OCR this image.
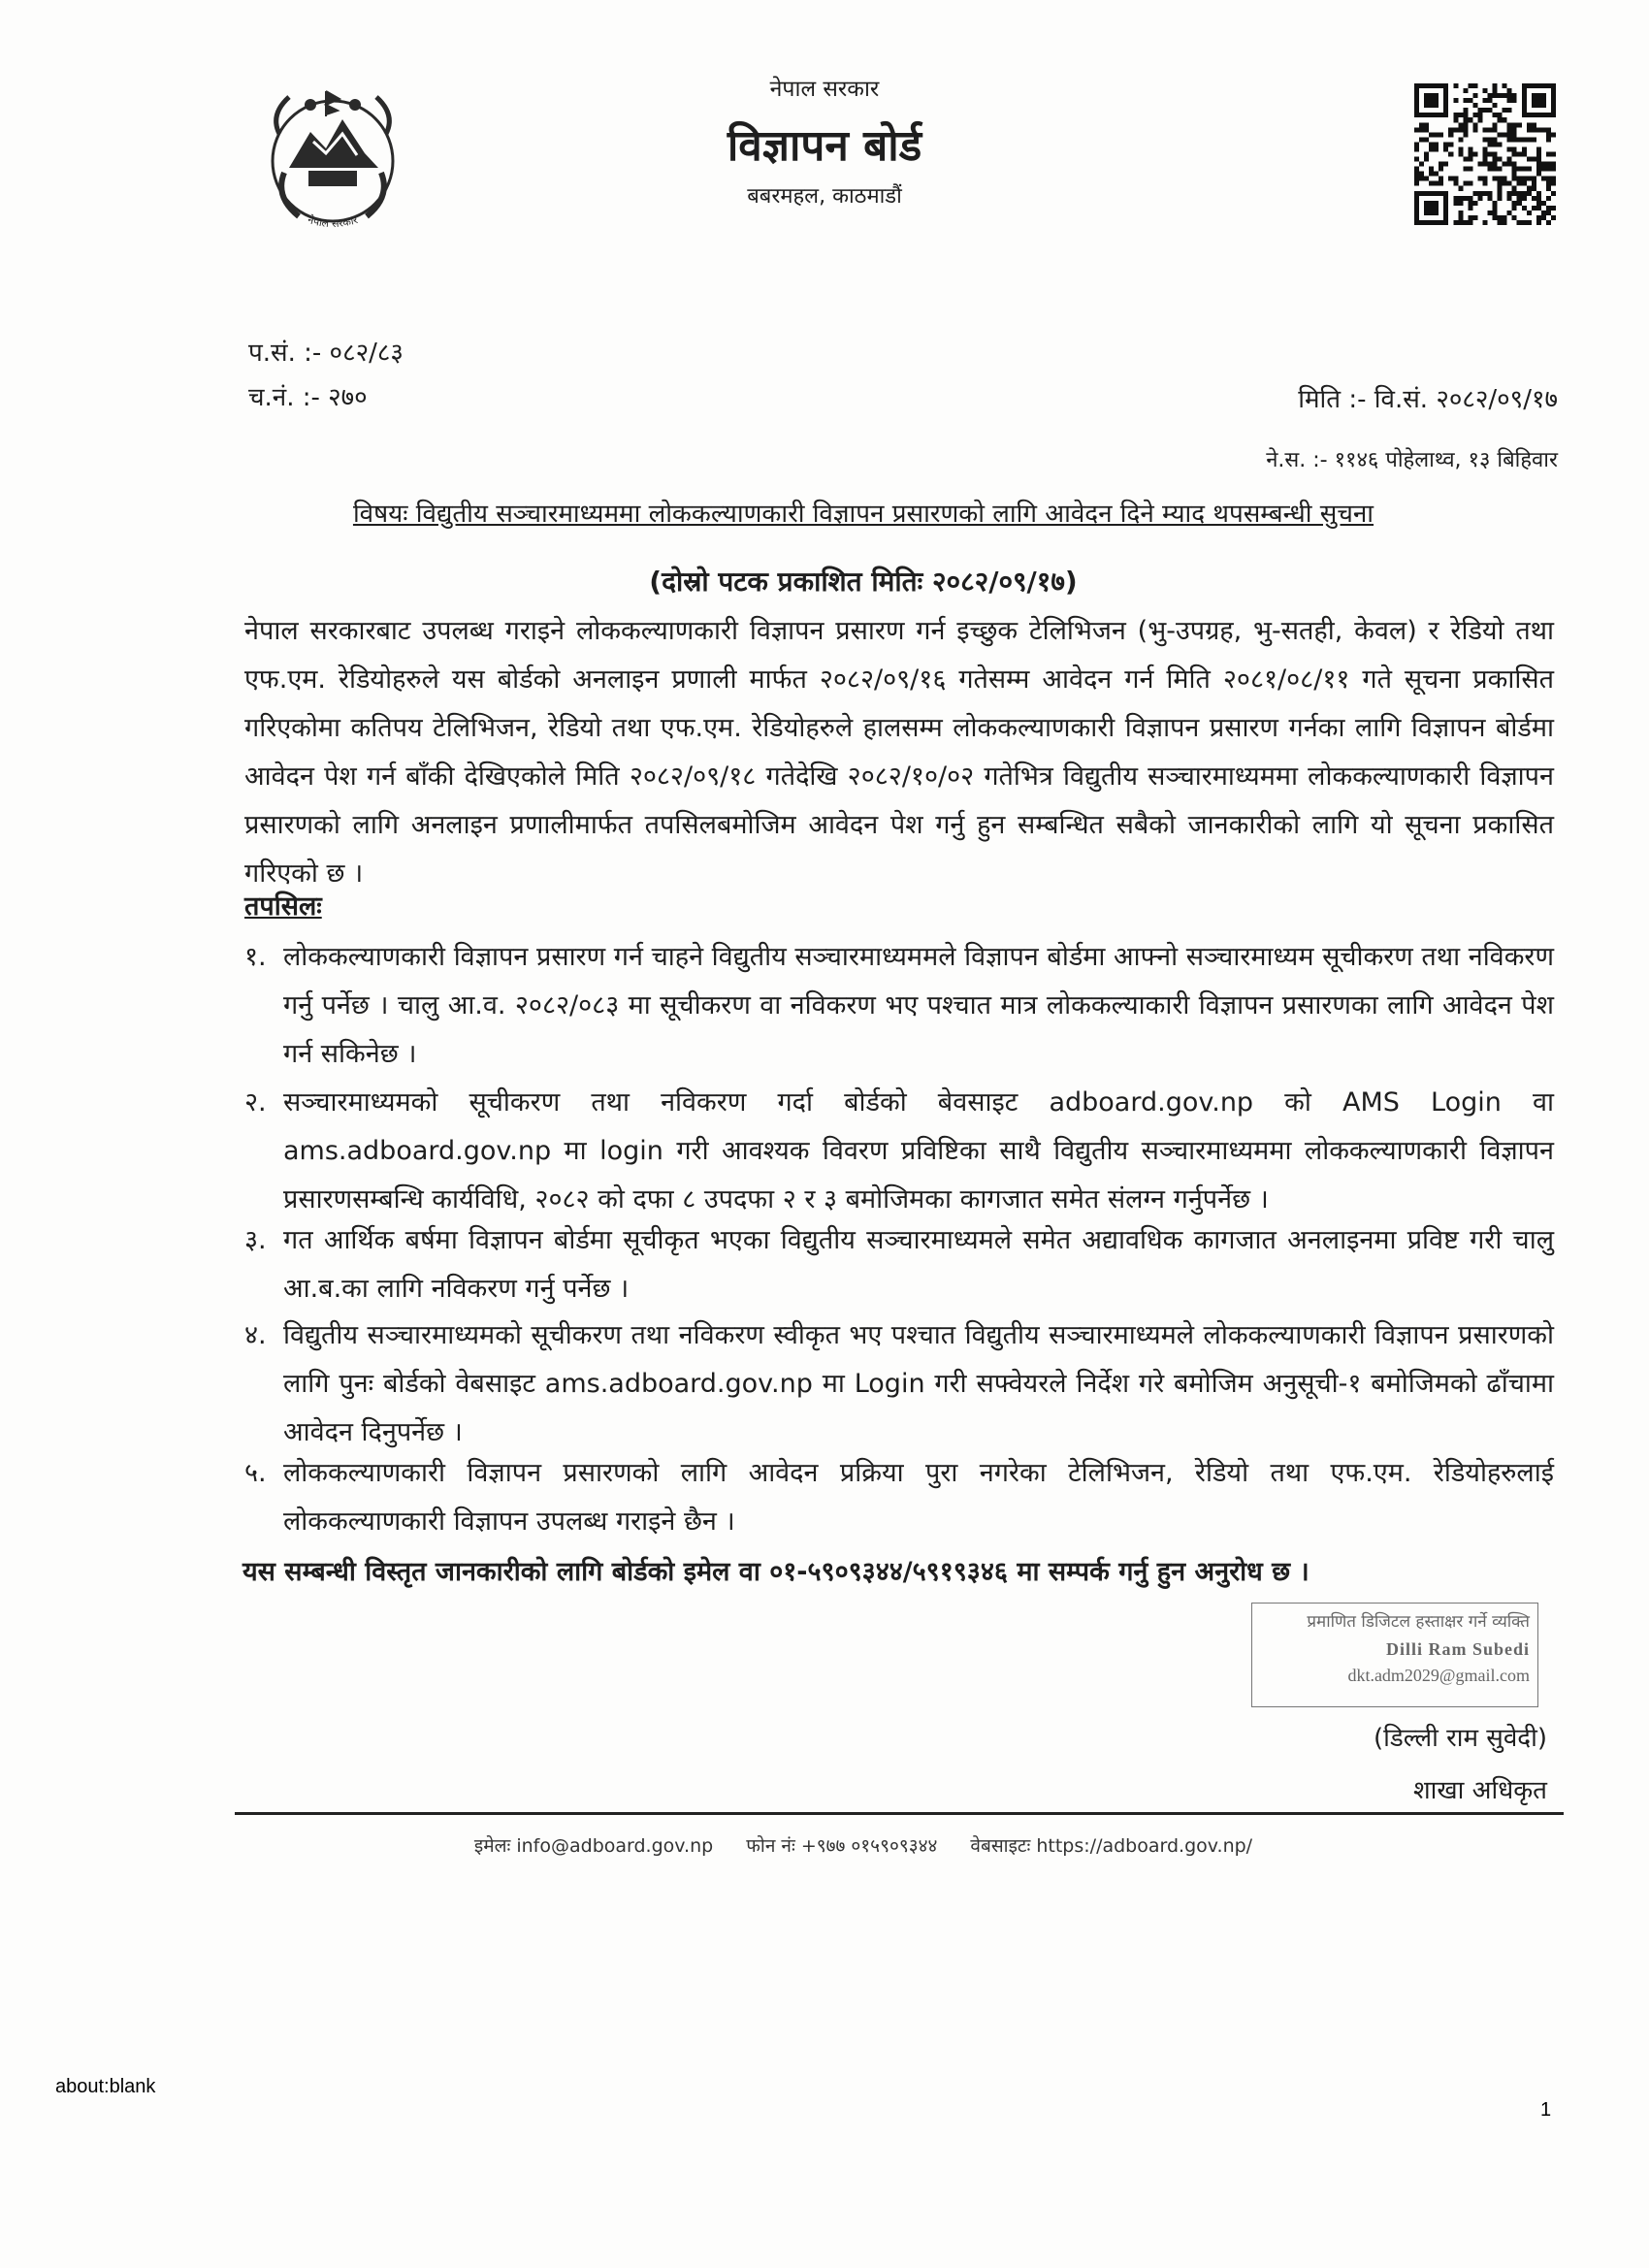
नेपाल सरकार
नेपाल सरकार
विज्ञापन बोर्ड
बबरमहल, काठमाडौं
प.सं. :- ०८२/८३
च.नं. :- २७०	मिति :- वि.सं. २०८२/०९/१७
ने.स. :- ११४६ पोहेलाथ्व, १३ बिहिवार
विषयः विद्युतीय सञ्चारमाध्यममा लोककल्याणकारी विज्ञापन प्रसारणको लागि आवेदन दिने म्याद थपसम्बन्धी सुचना
(दोस्रो पटक प्रकाशित मितिः २०८२/०९/१७)
नेपाल सरकारबाट उपलब्ध गराइने लोककल्याणकारी विज्ञापन प्रसारण गर्न इच्छुक टेलिभिजन (भु-उपग्रह, भु-सतही, केवल) र रेडियो तथा एफ.एम. रेडियोहरुले यस बोर्डको अनलाइन प्रणाली मार्फत २०८२/०९/१६ गतेसम्म आवेदन गर्न मिति २०८१/०८/११ गते सूचना प्रकासित गरिएकोमा कतिपय टेलिभिजन, रेडियो तथा एफ.एम. रेडियोहरुले हालसम्म लोककल्याणकारी विज्ञापन प्रसारण गर्नका लागि विज्ञापन बोर्डमा आवेदन पेश गर्न बाँकी देखिएकोले मिति २०८२/०९/१८ गतेदेखि २०८२/१०/०२ गतेभित्र विद्युतीय सञ्चारमाध्यममा लोककल्याणकारी विज्ञापन प्रसारणको लागि अनलाइन प्रणालीमार्फत तपसिलबमोजिम आवेदन पेश गर्नु हुन सम्बन्धित सबैको जानकारीको लागि यो सूचना प्रकासित गरिएको छ ।
तपसिलः
१. लोककल्याणकारी विज्ञापन प्रसारण गर्न चाहने विद्युतीय सञ्चारमाध्यममले विज्ञापन बोर्डमा आफ्नो सञ्चारमाध्यम सूचीकरण तथा नविकरण गर्नु पर्नेछ । चालु आ.व. २०८२/०८३ मा सूचीकरण वा नविकरण भए पश्चात मात्र लोककल्याकारी विज्ञापन प्रसारणका लागि आवेदन पेश गर्न सकिनेछ ।
२. सञ्चारमाध्यमको सूचीकरण तथा नविकरण गर्दा बोर्डको बेवसाइट adboard.gov.np को AMS Login वा ams.adboard.gov.np मा login गरी आवश्यक विवरण प्रविष्टिका साथै विद्युतीय सञ्चारमाध्यममा लोककल्याणकारी विज्ञापन प्रसारणसम्बन्धि कार्यविधि, २०८२ को दफा ८ उपदफा २ र ३ बमोजिमका कागजात समेत संलग्न गर्नुपर्नेछ ।
३. गत आर्थिक बर्षमा विज्ञापन बोर्डमा सूचीकृत भएका विद्युतीय सञ्चारमाध्यमले समेत अद्यावधिक कागजात अनलाइनमा प्रविष्ट गरी चालु आ.ब.का लागि नविकरण गर्नु पर्नेछ ।
४. विद्युतीय सञ्चारमाध्यमको सूचीकरण तथा नविकरण स्वीकृत भए पश्चात विद्युतीय सञ्चारमाध्यमले लोककल्याणकारी विज्ञापन प्रसारणको लागि पुनः बोर्डको वेबसाइट ams.adboard.gov.np मा Login गरी सफ्वेयरले निर्देश गरे बमोजिम अनुसूची-१ बमोजिमको ढाँचामा आवेदन दिनुपर्नेछ ।
५. लोककल्याणकारी विज्ञापन प्रसारणको लागि आवेदन प्रक्रिया पुरा नगरेका टेलिभिजन, रेडियो तथा एफ.एम. रेडियोहरुलाई लोककल्याणकारी विज्ञापन उपलब्ध गराइने छैन ।
यस सम्बन्धी विस्तृत जानकारीको लागि बोर्डको इमेल वा ०१-५९०९३४४/५९१९३४६ मा सम्पर्क गर्नु हुन अनुरोध छ ।
प्रमाणित डिजिटल हस्ताक्षर गर्ने व्यक्ति
Dilli Ram Subedi
dkt.adm2029@gmail.com
(डिल्ली राम सुवेदी)
शाखा अधिकृत
इमेलः info@adboard.gov.np फोन नंः +९७७ ०१५९०९३४४ वेबसाइटः https://adboard.gov.np/
about:blank
1
